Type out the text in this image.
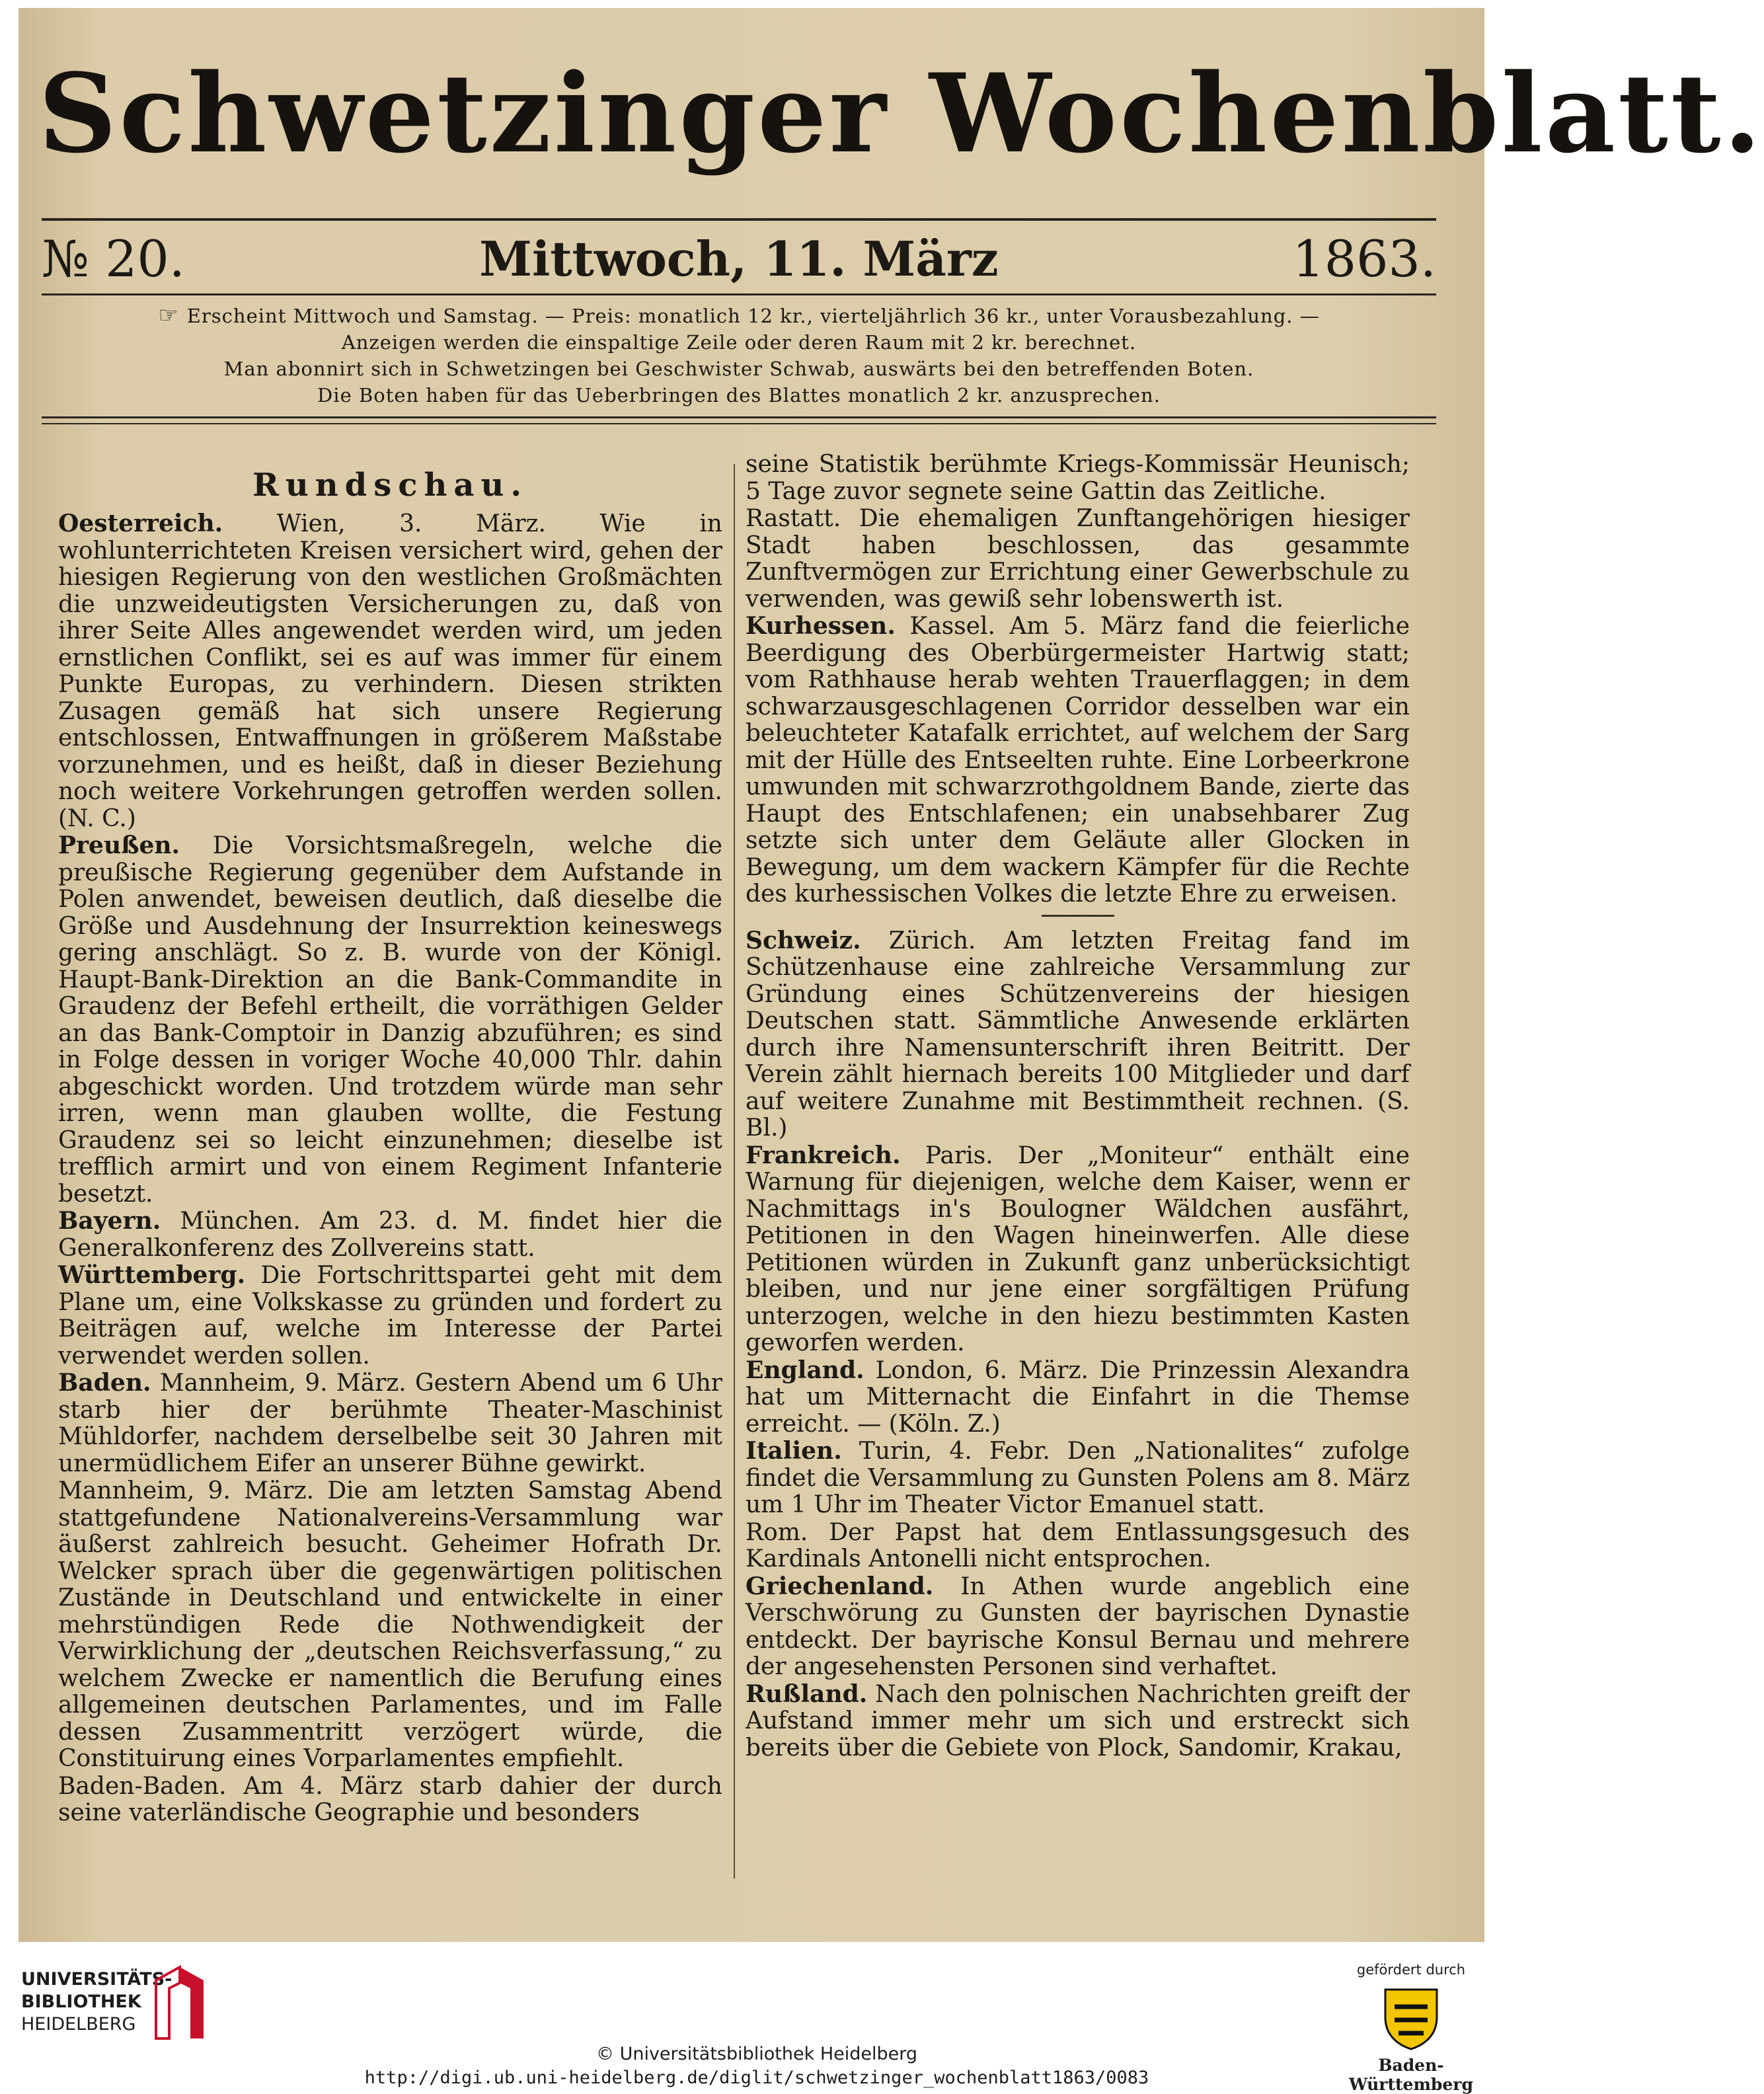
Schwetzinger Wochenblatt.
Mittwoch, 11. März
№ 20.	1863.
☞ Erscheint Mittwoch und Samstag. — Preis: monatlich 12 kr., vierteljährlich 36 kr., unter Vorausbezahlung. —
Anzeigen werden die einspaltige Zeile oder deren Raum mit 2 kr. berechnet.
Man abonnirt sich in Schwetzingen bei Geschwister Schwab, auswärts bei den betreffenden Boten.
Die Boten haben für das Ueberbringen des Blattes monatlich 2 kr. anzusprechen.

Rundschau.

Oesterreich. Wien, 3. März. Wie in wohlunterrichteten Kreisen versichert wird, gehen der hiesigen Regierung von den westlichen Großmächten die unzweideutigsten Versicherungen zu, daß von ihrer Seite Alles angewendet werden wird, um jeden ernstlichen Conflikt, sei es auf was immer für einem Punkte Europas, zu verhindern. Diesen strikten Zusagen gemäß hat sich unsere Regierung entschlossen, Entwaffnungen in größerem Maßstabe vorzunehmen, und es heißt, daß in dieser Beziehung noch weitere Vorkehrungen getroffen werden sollen. (N. C.)

Preußen. Die Vorsichtsmaßregeln, welche die preußische Regierung gegenüber dem Aufstande in Polen anwendet, beweisen deutlich, daß dieselbe die Größe und Ausdehnung der Insurrektion keineswegs gering anschlägt. So z. B. wurde von der Königl. Haupt-Bank-Direktion an die Bank-Commandite in Graudenz der Befehl ertheilt, die vorräthigen Gelder an das Bank-Comptoir in Danzig abzuführen; es sind in Folge dessen in voriger Woche 40,000 Thlr. dahin abgeschickt worden. Und trotzdem würde man sehr irren, wenn man glauben wollte, die Festung Graudenz sei so leicht einzunehmen; dieselbe ist trefflich armirt und von einem Regiment Infanterie besetzt.

Bayern. München. Am 23. d. M. findet hier die Generalkonferenz des Zollvereins statt.

Württemberg. Die Fortschrittspartei geht mit dem Plane um, eine Volkskasse zu gründen und fordert zu Beiträgen auf, welche im Interesse der Partei verwendet werden sollen.

Baden. Mannheim, 9. März. Gestern Abend um 6 Uhr starb hier der berühmte Theater-Maschinist Mühldorfer, nachdem derselbelbe seit 30 Jahren mit unermüdlichem Eifer an unserer Bühne gewirkt.

Mannheim, 9. März. Die am letzten Samstag Abend stattgefundene Nationalvereins-Versammlung war äußerst zahlreich besucht. Geheimer Hofrath Dr. Welcker sprach über die gegenwärtigen politischen Zustände in Deutschland und entwickelte in einer mehrstündigen Rede die Nothwendigkeit der Verwirklichung der „deutschen Reichsverfassung,“ zu welchem Zwecke er namentlich die Berufung eines allgemeinen deutschen Parlamentes, und im Falle dessen Zusammentritt verzögert würde, die Constituirung eines Vorparlamentes empfiehlt.

Baden-Baden. Am 4. März starb dahier der durch seine vaterländische Geographie und besonders

seine Statistik berühmte Kriegs-Kommissär Heunisch; 5 Tage zuvor segnete seine Gattin das Zeitliche.

Rastatt. Die ehemaligen Zunftangehörigen hiesiger Stadt haben beschlossen, das gesammte Zunftvermögen zur Errichtung einer Gewerbschule zu verwenden, was gewiß sehr lobenswerth ist.

Kurhessen. Kassel. Am 5. März fand die feierliche Beerdigung des Oberbürgermeister Hartwig statt; vom Rathhause herab wehten Trauerflaggen; in dem schwarzausgeschlagenen Corridor desselben war ein beleuchteter Katafalk errichtet, auf welchem der Sarg mit der Hülle des Entseelten ruhte. Eine Lorbeerkrone umwunden mit schwarzrothgoldnem Bande, zierte das Haupt des Entschlafenen; ein unabsehbarer Zug setzte sich unter dem Geläute aller Glocken in Bewegung, um dem wackern Kämpfer für die Rechte des kurhessischen Volkes die letzte Ehre zu erweisen.

Schweiz. Zürich. Am letzten Freitag fand im Schützenhause eine zahlreiche Versammlung zur Gründung eines Schützenvereins der hiesigen Deutschen statt. Sämmtliche Anwesende erklärten durch ihre Namensunterschrift ihren Beitritt. Der Verein zählt hiernach bereits 100 Mitglieder und darf auf weitere Zunahme mit Bestimmtheit rechnen. (S. Bl.)

Frankreich. Paris. Der „Moniteur“ enthält eine Warnung für diejenigen, welche dem Kaiser, wenn er Nachmittags in's Boulogner Wäldchen ausfährt, Petitionen in den Wagen hineinwerfen. Alle diese Petitionen würden in Zukunft ganz unberücksichtigt bleiben, und nur jene einer sorgfältigen Prüfung unterzogen, welche in den hiezu bestimmten Kasten geworfen werden.

England. London, 6. März. Die Prinzessin Alexandra hat um Mitternacht die Einfahrt in die Themse erreicht. — (Köln. Z.)

Italien. Turin, 4. Febr. Den „Nationalites“ zufolge findet die Versammlung zu Gunsten Polens am 8. März um 1 Uhr im Theater Victor Emanuel statt.

Rom. Der Papst hat dem Entlassungsgesuch des Kardinals Antonelli nicht entsprochen.

Griechenland. In Athen wurde angeblich eine Verschwörung zu Gunsten der bayrischen Dynastie entdeckt. Der bayrische Konsul Bernau und mehrere der angesehensten Personen sind verhaftet.

Rußland. Nach den polnischen Nachrichten greift der Aufstand immer mehr um sich und erstreckt sich bereits über die Gebiete von Plock, Sandomir, Krakau,

UNIVERSITÄTS-
BIBLIOTHEK
HEIDELBERG
© Universitätsbibliothek Heidelberg
http://digi.ub.uni-heidelberg.de/diglit/schwetzinger_wochenblatt1863/0083
gefördert durch
Baden-Württemberg
